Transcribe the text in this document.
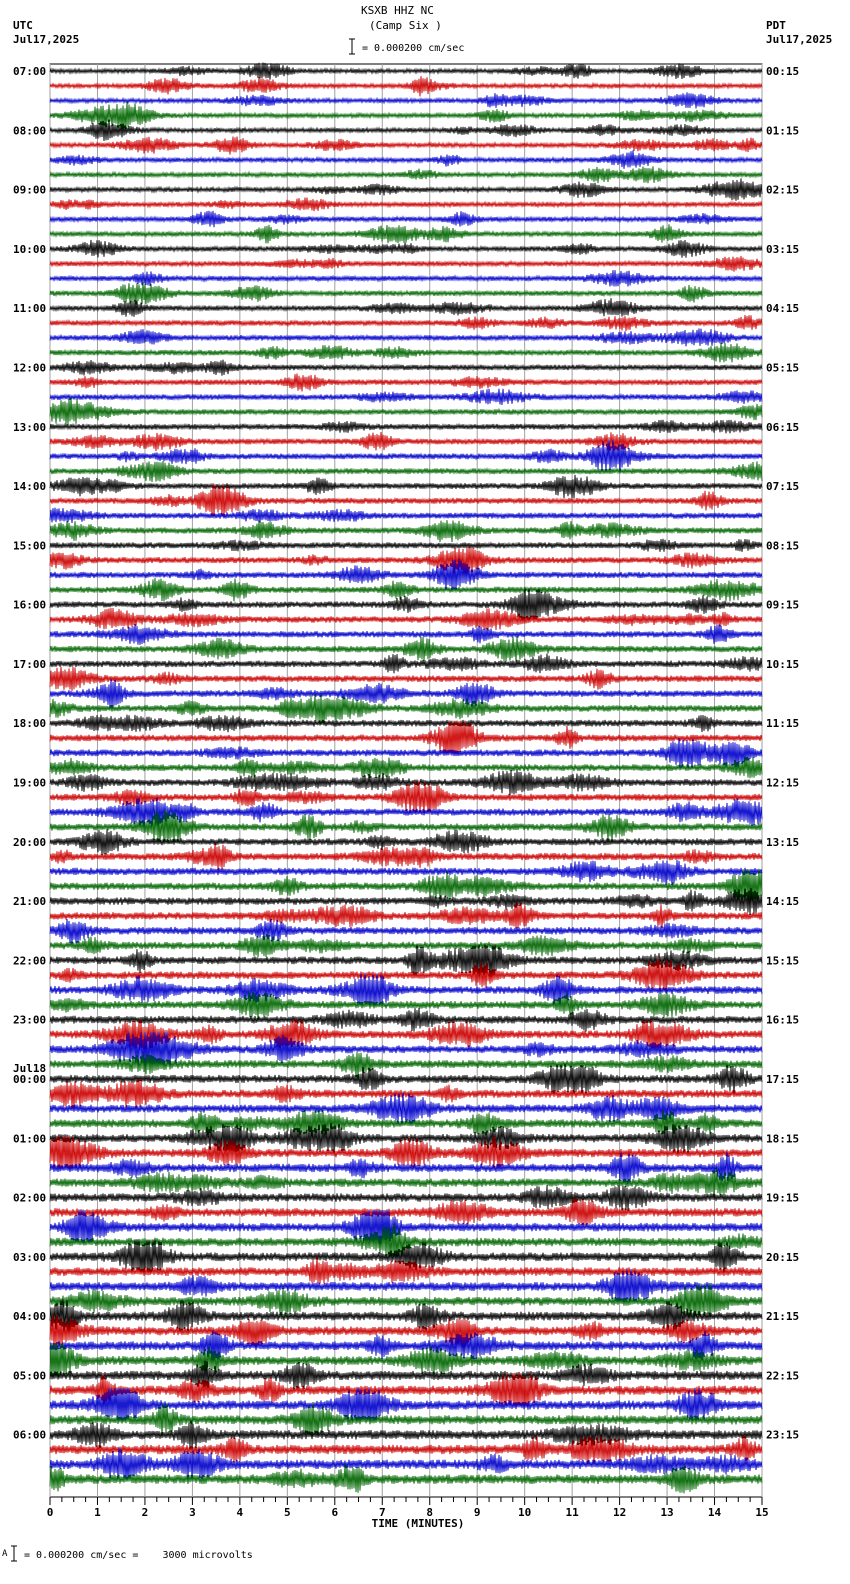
KSXB HHZ NC
(Camp Six )
= 0.000200 cm/sec
UTC
Jul17,2025
PDT
Jul17,2025
07:00
08:00
09:00
10:00
11:00
12:00
13:00
14:00
15:00
16:00
17:00
18:00
19:00
20:00
21:00
22:00
23:00
Jul18
00:00
01:00
02:00
03:00
04:00
05:00
06:00
00:15
01:15
02:15
03:15
04:15
05:15
06:15
07:15
08:15
09:15
10:15
11:15
12:15
13:15
14:15
15:15
16:15
17:15
18:15
19:15
20:15
21:15
22:15
23:15
0	1	2	3	4	5	6	7	8	9	10	11	12	13	14	15
TIME (MINUTES)
A = 0.000200 cm/sec =    3000 microvolts
